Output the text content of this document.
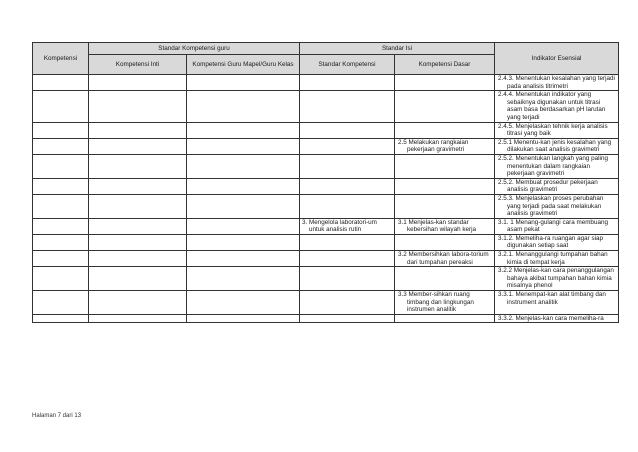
Kompetensi	Standar Kompetensi guru		Standar Isi		Indikator Esensial
	Kompetensi Inti	Kompetensi Guru Mapel/Guru Kelas	Standar Kompetensi	Kompetensi Dasar	
					2.4.3. Menentukan kesalahan yang terjadi pada analisis titrimetri
					2.4.4. Menentukan indikator yang sebaiknya digunakan untuk titrasi asam basa berdasarkan pH larutan yang terjadi
					2.4.5. Menjelaskan tehnik kerja analisis titrasi yang baik
				2.5 Melakukan rangkaian pekerjaan gravimetri	2.5.1 Menentu-kan jenis kesalahan yang dilakukan saat analisis gravimetri
					2.5.2. Menentukan langkah yang paling menentukan dalam rangkaian pekerjaan gravimetri
					2.5.2. Membuat prosedur pekerjaan analisis gravimetri
					2.5.3. Menjelaskan proses perubahan yang terjadi pada saat melakukan analisis gravimetri
			3. Mengelola laboratori-um untuk analisis rutin	3.1 Menjelas-kan standar kebersihan wilayah kerja	3.1. 1 Menang-gulangi cara membuang asam pekat
					3.1.2. Memeliha-ra ruangan agar siap digunakan setiap saat
				3.2 Membersihkan labora-torium dari tumpahan pereaksi	3.2.1. Menanggulangi tumpahan bahan kimia di tempat kerja
					3.2.2 Menjelas-kan cara penanggulangan bahaya akibat tumpahan bahan kimia misalnya phenol
				3.3 Member-sihkan ruang timbang dan lingkungan instrumen analitik	3.3.1. Menempat-kan alat timbang dan instrument analitik
					3.3.2. Menjelas-kan cara memeliha-ra
Halaman 7 dari 13
